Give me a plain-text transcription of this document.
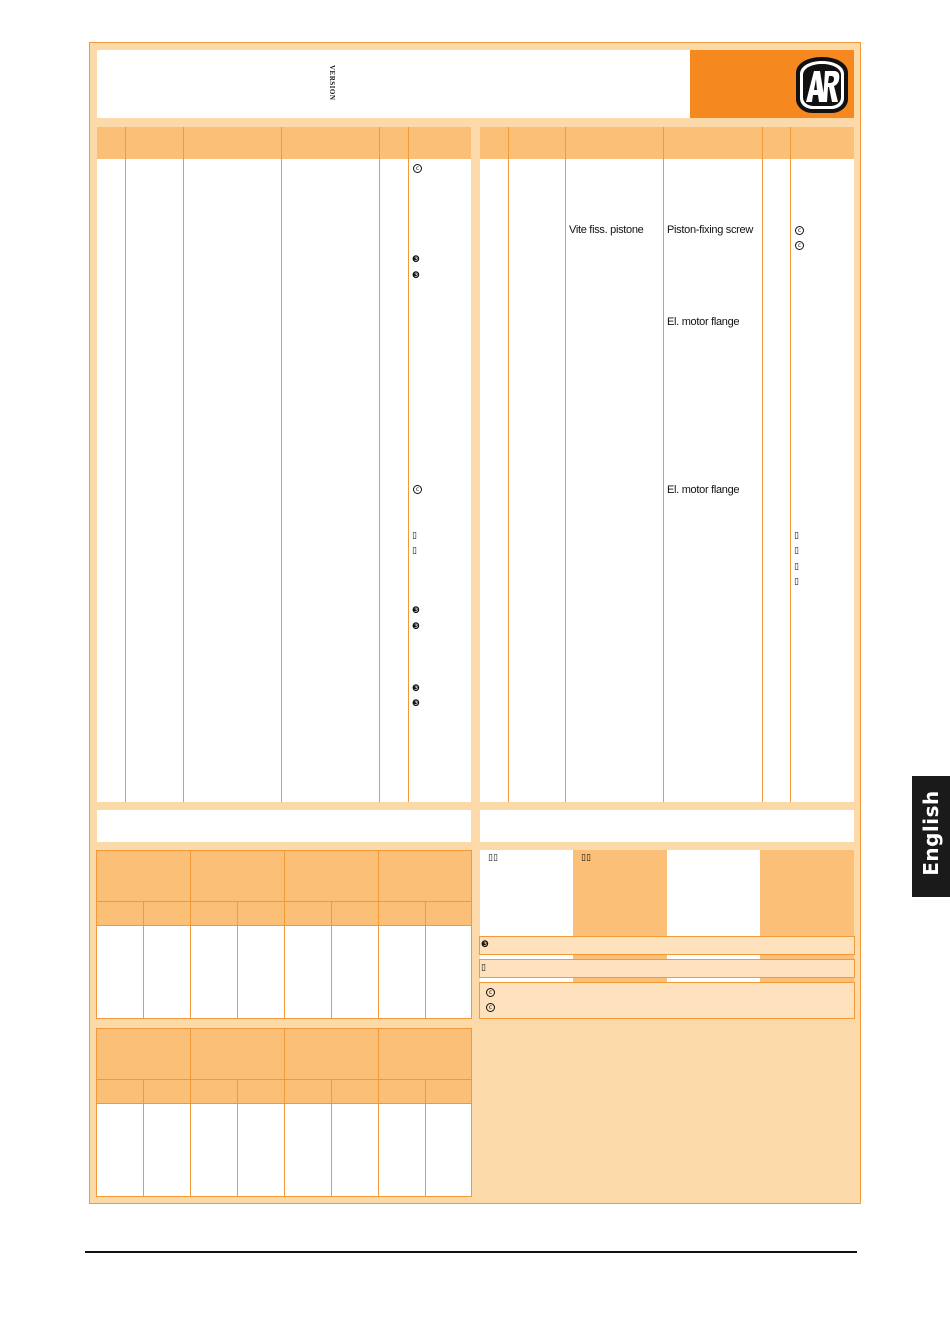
VERSION
English
c
❸
❸
c
▯
▯
❸
❸
❸
❸
Vite fiss. pistone Piston-fixing screw
El. motor flange
El. motor flange
c
c
▯
▯
▯
▯
▯▯	▯▯
❸
▯
c
c
